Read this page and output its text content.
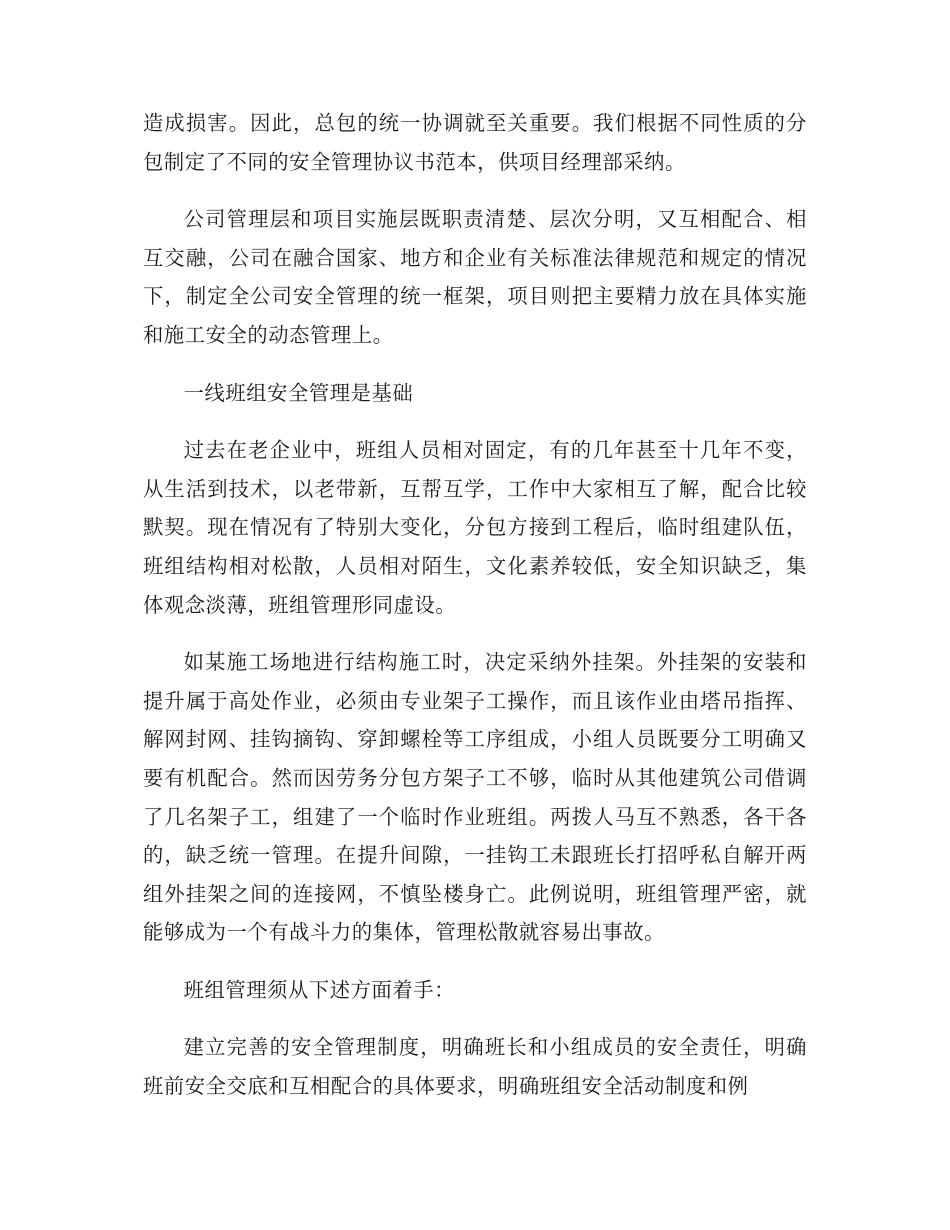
造成损害。因此，总包的统一协调就至关重要。我们根据不同性质的分包制定了不同的安全管理协议书范本，供项目经理部采纳。

公司管理层和项目实施层既职责清楚、层次分明，又互相配合、相互交融，公司在融合国家、地方和企业有关标准法律规范和规定的情况下，制定全公司安全管理的统一框架，项目则把主要精力放在具体实施和施工安全的动态管理上。

一线班组安全管理是基础

过去在老企业中，班组人员相对固定，有的几年甚至十几年不变，从生活到技术，以老带新，互帮互学，工作中大家相互了解，配合比较默契。现在情况有了特别大变化，分包方接到工程后，临时组建队伍，班组结构相对松散，人员相对陌生，文化素养较低，安全知识缺乏，集体观念淡薄，班组管理形同虚设。

如某施工场地进行结构施工时，决定采纳外挂架。外挂架的安装和提升属于高处作业，必须由专业架子工操作，而且该作业由塔吊指挥、解网封网、挂钩摘钩、穿卸螺栓等工序组成，小组人员既要分工明确又要有机配合。然而因劳务分包方架子工不够，临时从其他建筑公司借调了几名架子工，组建了一个临时作业班组。两拨人马互不熟悉，各干各的，缺乏统一管理。在提升间隙，一挂钩工未跟班长打招呼私自解开两组外挂架之间的连接网，不慎坠楼身亡。此例说明，班组管理严密，就能够成为一个有战斗力的集体，管理松散就容易出事故。

班组管理须从下述方面着手：

建立完善的安全管理制度，明确班长和小组成员的安全责任，明确班前安全交底和互相配合的具体要求，明确班组安全活动制度和例
